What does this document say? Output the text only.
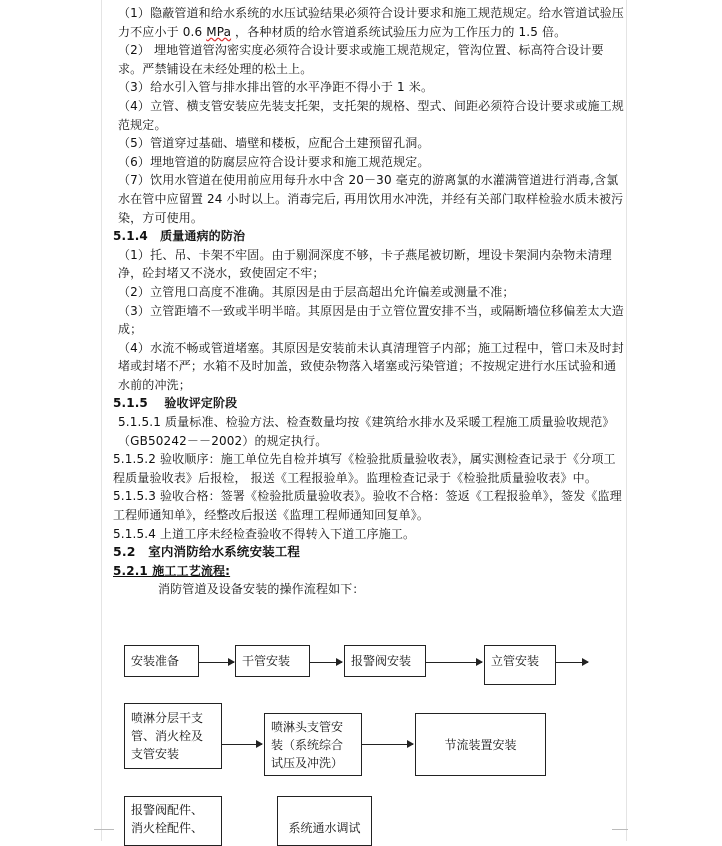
（1）隐蔽管道和给水系统的水压试验结果必须符合设计要求和施工规范规定。给水管道试验压力不应小于 0.6 MPa ，各种材质的给水管道系统试验压力应为工作压力的 1.5 倍。

（2） 埋地管道管沟密实度必须符合设计要求或施工规范规定，管沟位置、标高符合设计要求。严禁铺设在未经处理的松土上。

（3）给水引入管与排水排出管的水平净距不得小于 1 米。

（4）立管、横支管安装应先装支托架，支托架的规格、型式、间距必须符合设计要求或施工规范规定。

（5）管道穿过基础、墙壁和楼板，应配合土建预留孔洞。

（6）埋地管道的防腐层应符合设计要求和施工规范规定。

（7）饮用水管道在使用前应用每升水中含 20－30 毫克的游离氯的水灌满管道进行消毒,含氯水在管中应留置 24 小时以上。消毒完后, 再用饮用水冲洗，并经有关部门取样检验水质未被污染，方可使用。

5.1.4　质量通病的防治

（1）托、吊、卡架不牢固。由于剔洞深度不够，卡子燕尾被切断，埋设卡架洞内杂物未清理净，砼封堵又不浇水，致使固定不牢；

（2）立管甩口高度不准确。其原因是由于层高超出允许偏差或测量不准；

（3）立管距墙不一致或半明半暗。其原因是由于立管位置安排不当，或隔断墙位移偏差太大造成；

（4）水流不畅或管道堵塞。其原因是安装前未认真清理管子内部；施工过程中，管口未及时封堵或封堵不严；水箱不及时加盖，致使杂物落入堵塞或污染管道；不按规定进行水压试验和通水前的冲洗；

5.1.5　 验收评定阶段

5.1.5.1 质量标准、检验方法、检查数量均按《建筑给水排水及采暖工程施工质量验收规范》（GB50242－－2002）的规定执行。

5.1.5.2 验收顺序：施工单位先自检并填写《检验批质量验收表》，属实测检查记录于《分项工程质量验收表》后报检， 报送《工程报验单》。监理检查记录于《检验批质量验收表》中。

5.1.5.3 验收合格：签署《检验批质量验收表》。验收不合格：签返《工程报验单》，签发《监理工程师通知单》，经整改后报送《监理工程师通知回复单》。

5.1.5.4 上道工序未经检查验收不得转入下道工序施工。

5.2　室内消防给水系统安装工程

5.2.1 施工工艺流程:

消防管道及设备安装的操作流程如下：

安装准备	干管安装	报警阀安装	立管安装
喷淋分层干支
管、消火栓及
支管安装
喷淋头支管安
装（系统综合
试压及冲洗）
节流装置安装
报警阀配件、
消火栓配件、	系统通水调试
